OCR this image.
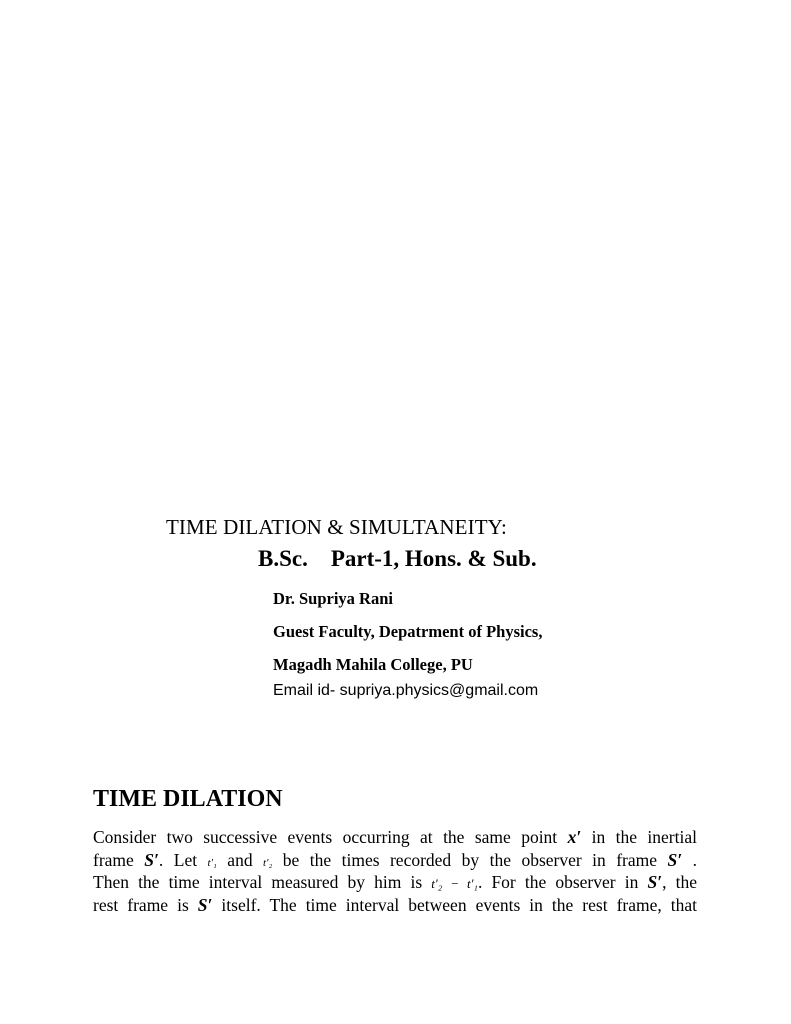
TIME DILATION & SIMULTANEITY:
B.Sc.    Part-1, Hons. & Sub.
Dr. Supriya Rani
Guest Faculty, Depatrment of Physics,
Magadh Mahila College, PU
Email id- supriya.physics@gmail.com
TIME DILATION
Consider two successive events occurring at the same point x′ in the inertial
frame S′. Let t′₁ and t′₂ be the times recorded by the observer in frame S′ .
Then the time interval measured by him is t′₂ − t′₁. For the observer in S′, the
rest frame is S′ itself. The time interval between events in the rest frame, that
